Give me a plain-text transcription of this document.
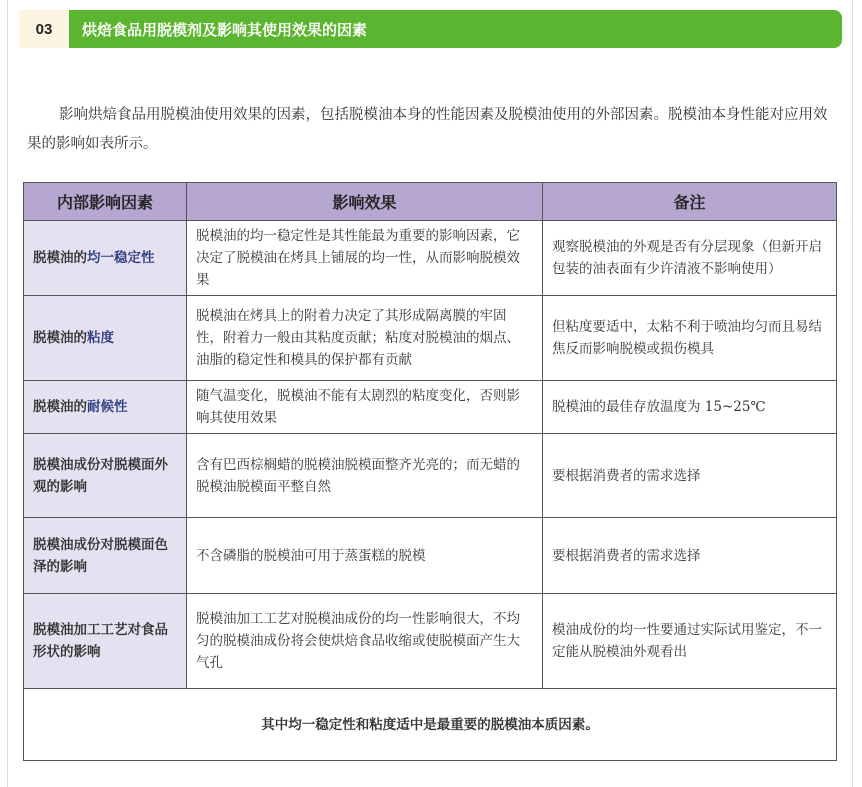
03	烘焙食品用脱模剂及影响其使用效果的因素

影响烘焙食品用脱模油使用效果的因素，包括脱模油本身的性能因素及脱模油使用的外部因素。脱模油本身性能对应用效果的影响如表所示。

内部影响因素	影响效果	备注
脱模油的均一稳定性	脱模油的均一稳定性是其性能最为重要的影响因素，它决定了脱模油在烤具上铺展的均一性，从而影响脱模效果	观察脱模油的外观是否有分层现象（但新开启包装的油表面有少许清液不影响使用）
脱模油的粘度	脱模油在烤具上的附着力决定了其形成隔离膜的牢固性，附着力一般由其粘度贡献；粘度对脱模油的烟点、油脂的稳定性和模具的保护都有贡献	但粘度要适中，太粘不利于喷油均匀而且易结焦反而影响脱模或损伤模具
脱模油的耐候性	随气温变化，脱模油不能有太剧烈的粘度变化，否则影响其使用效果	脱模油的最佳存放温度为 15~25℃
脱模油成份对脱模面外观的影响	含有巴西棕榈蜡的脱模油脱模面整齐光亮的；而无蜡的脱模油脱模面平整自然	要根据消费者的需求选择
脱模油成份对脱模面色泽的影响	不含磷脂的脱模油可用于蒸蛋糕的脱模	要根据消费者的需求选择
脱模油加工工艺对食品形状的影响	脱模油加工工艺对脱模油成份的均一性影响很大，不均匀的脱模油成份将会使烘焙食品收缩或使脱模面产生大气孔	模油成份的均一性要通过实际试用鉴定，不一定能从脱模油外观看出
其中均一稳定性和粘度适中是最重要的脱模油本质因素。		
